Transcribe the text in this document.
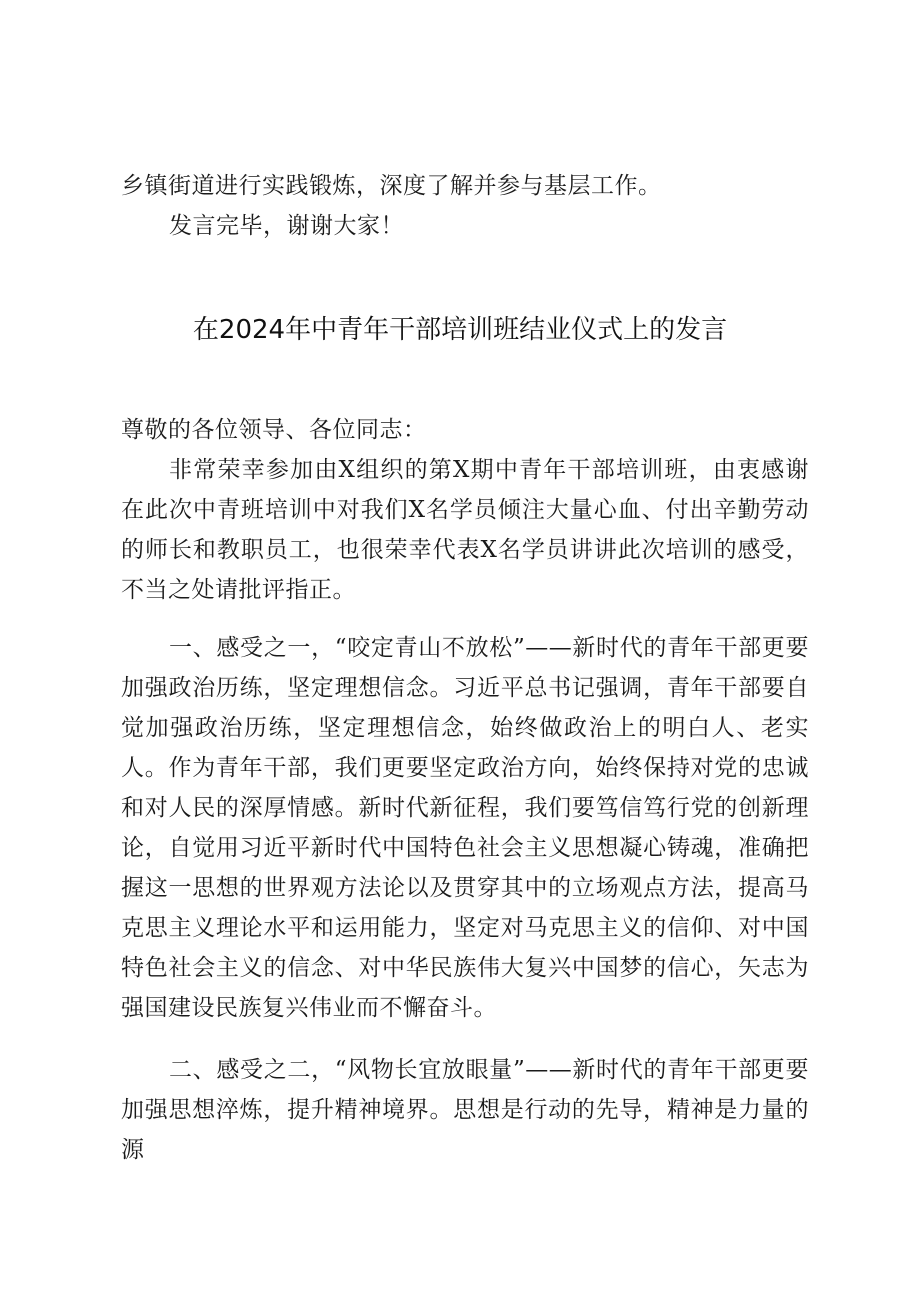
乡镇街道进行实践锻炼，深度了解并参与基层工作。
发言完毕，谢谢大家！
在2024年中青年干部培训班结业仪式上的发言
尊敬的各位领导、各位同志：
非常荣幸参加由X组织的第X期中青年干部培训班，由衷感谢在此次中青班培训中对我们X名学员倾注大量心血、付出辛勤劳动的师长和教职员工，也很荣幸代表X名学员讲讲此次培训的感受，不当之处请批评指正。
一、感受之一，“咬定青山不放松”——新时代的青年干部更要加强政治历练，坚定理想信念。习近平总书记强调，青年干部要自觉加强政治历练，坚定理想信念，始终做政治上的明白人、老实人。作为青年干部，我们更要坚定政治方向，始终保持对党的忠诚和对人民的深厚情感。新时代新征程，我们要笃信笃行党的创新理论，自觉用习近平新时代中国特色社会主义思想凝心铸魂，准确把握这一思想的世界观方法论以及贯穿其中的立场观点方法，提高马克思主义理论水平和运用能力，坚定对马克思主义的信仰、对中国特色社会主义的信念、对中华民族伟大复兴中国梦的信心，矢志为强国建设民族复兴伟业而不懈奋斗。
二、感受之二，“风物长宜放眼量”——新时代的青年干部更要加强思想淬炼，提升精神境界。思想是行动的先导，精神是力量的源
